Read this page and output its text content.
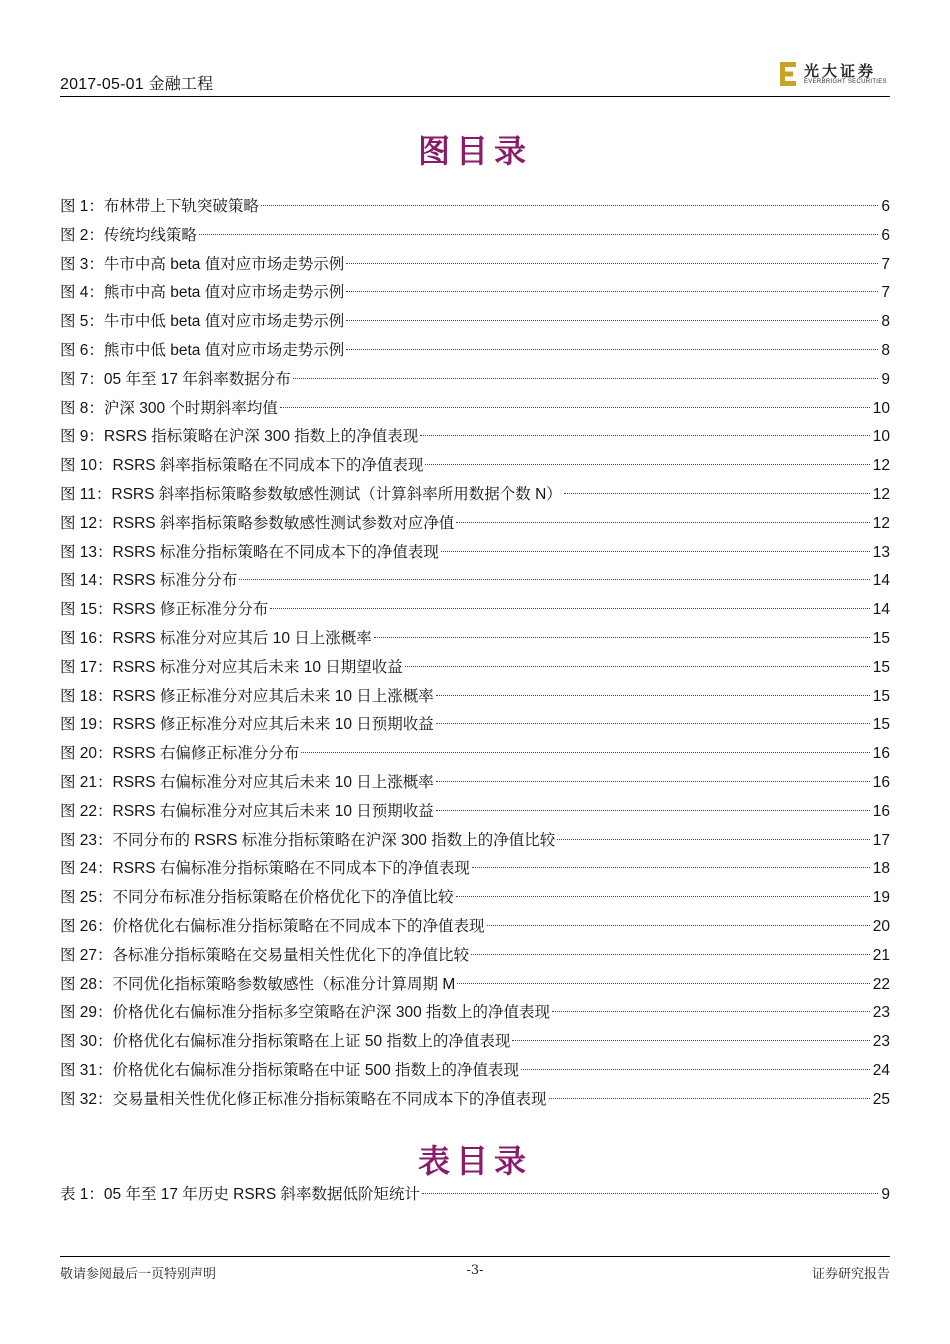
2017-05-01 金融工程
光大证券
EVERBRIGHT SECURITIES
图目录
图 1：布林带上下轨突破策略	6
图 2：传统均线策略	6
图 3：牛市中高 beta 值对应市场走势示例	7
图 4：熊市中高 beta 值对应市场走势示例	7
图 5：牛市中低 beta 值对应市场走势示例	8
图 6：熊市中低 beta 值对应市场走势示例	8
图 7：05 年至 17 年斜率数据分布	9
图 8：沪深 300 个时期斜率均值	10
图 9：RSRS 指标策略在沪深 300 指数上的净值表现	10
图 10：RSRS 斜率指标策略在不同成本下的净值表现	12
图 11：RSRS 斜率指标策略参数敏感性测试（计算斜率所用数据个数 N）	12
图 12：RSRS 斜率指标策略参数敏感性测试参数对应净值	12
图 13：RSRS 标准分指标策略在不同成本下的净值表现	13
图 14：RSRS 标准分分布	14
图 15：RSRS 修正标准分分布	14
图 16：RSRS 标准分对应其后 10 日上涨概率	15
图 17：RSRS 标准分对应其后未来 10 日期望收益	15
图 18：RSRS 修正标准分对应其后未来 10 日上涨概率	15
图 19：RSRS 修正标准分对应其后未来 10 日预期收益	15
图 20：RSRS 右偏修正标准分分布	16
图 21：RSRS 右偏标准分对应其后未来 10 日上涨概率	16
图 22：RSRS 右偏标准分对应其后未来 10 日预期收益	16
图 23：不同分布的 RSRS 标准分指标策略在沪深 300 指数上的净值比较	17
图 24：RSRS 右偏标准分指标策略在不同成本下的净值表现	18
图 25：不同分布标准分指标策略在价格优化下的净值比较	19
图 26：价格优化右偏标准分指标策略在不同成本下的净值表现	20
图 27：各标准分指标策略在交易量相关性优化下的净值比较	21
图 28：不同优化指标策略参数敏感性（标准分计算周期 M	22
图 29：价格优化右偏标准分指标多空策略在沪深 300 指数上的净值表现	23
图 30：价格优化右偏标准分指标策略在上证 50 指数上的净值表现	23
图 31：价格优化右偏标准分指标策略在中证 500 指数上的净值表现	24
图 32：交易量相关性优化修正标准分指标策略在不同成本下的净值表现	25
表目录
表 1：05 年至 17 年历史 RSRS 斜率数据低阶矩统计	9
敬请参阅最后一页特别声明	-3-	证券研究报告
